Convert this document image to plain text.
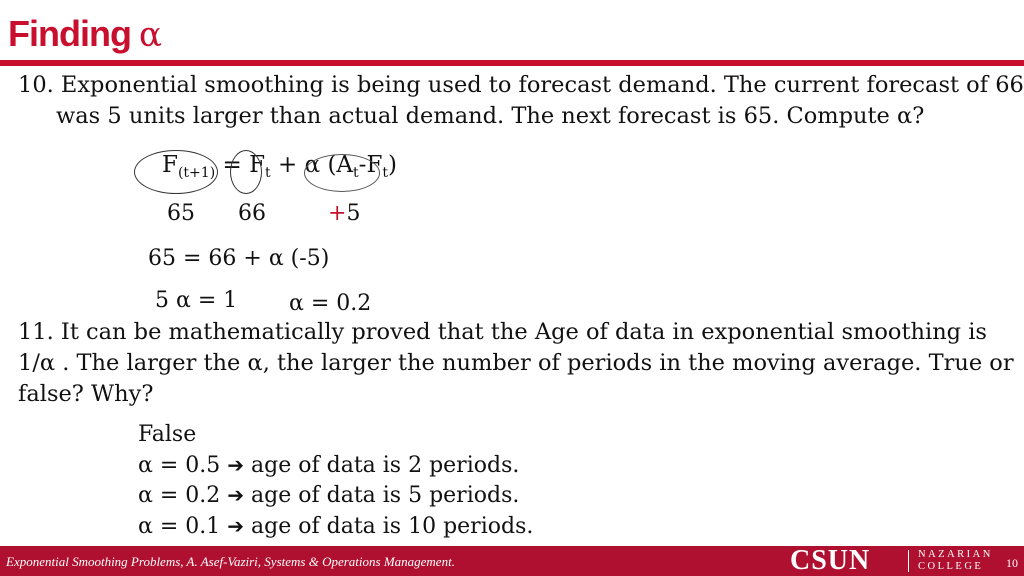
Finding α
10. Exponential smoothing is being used to forecast demand. The current forecast of 66
was 5 units larger than actual demand. The next forecast is 65. Compute α?
$F_{(t+1)} = F_t + \alpha$ $(A_t-F_t)$
65 66	+5
65 = 66 + α (-5)
5 α = 1 α = 0.2
11. It can be mathematically proved that the Age of data in exponential smoothing is
1/α . The larger the α, the larger the number of periods in the moving average. True or
false? Why?
False
α = 0.5 ➔ age of data is 2 periods.
α = 0.2 ➔ age of data is 5 periods.
α = 0.1 ➔ age of data is 10 periods.
Exponential Smoothing Problems, A. Asef-Vaziri, Systems & Operations Management.	CSUN	NAZARIAN
COLLEGE	10
